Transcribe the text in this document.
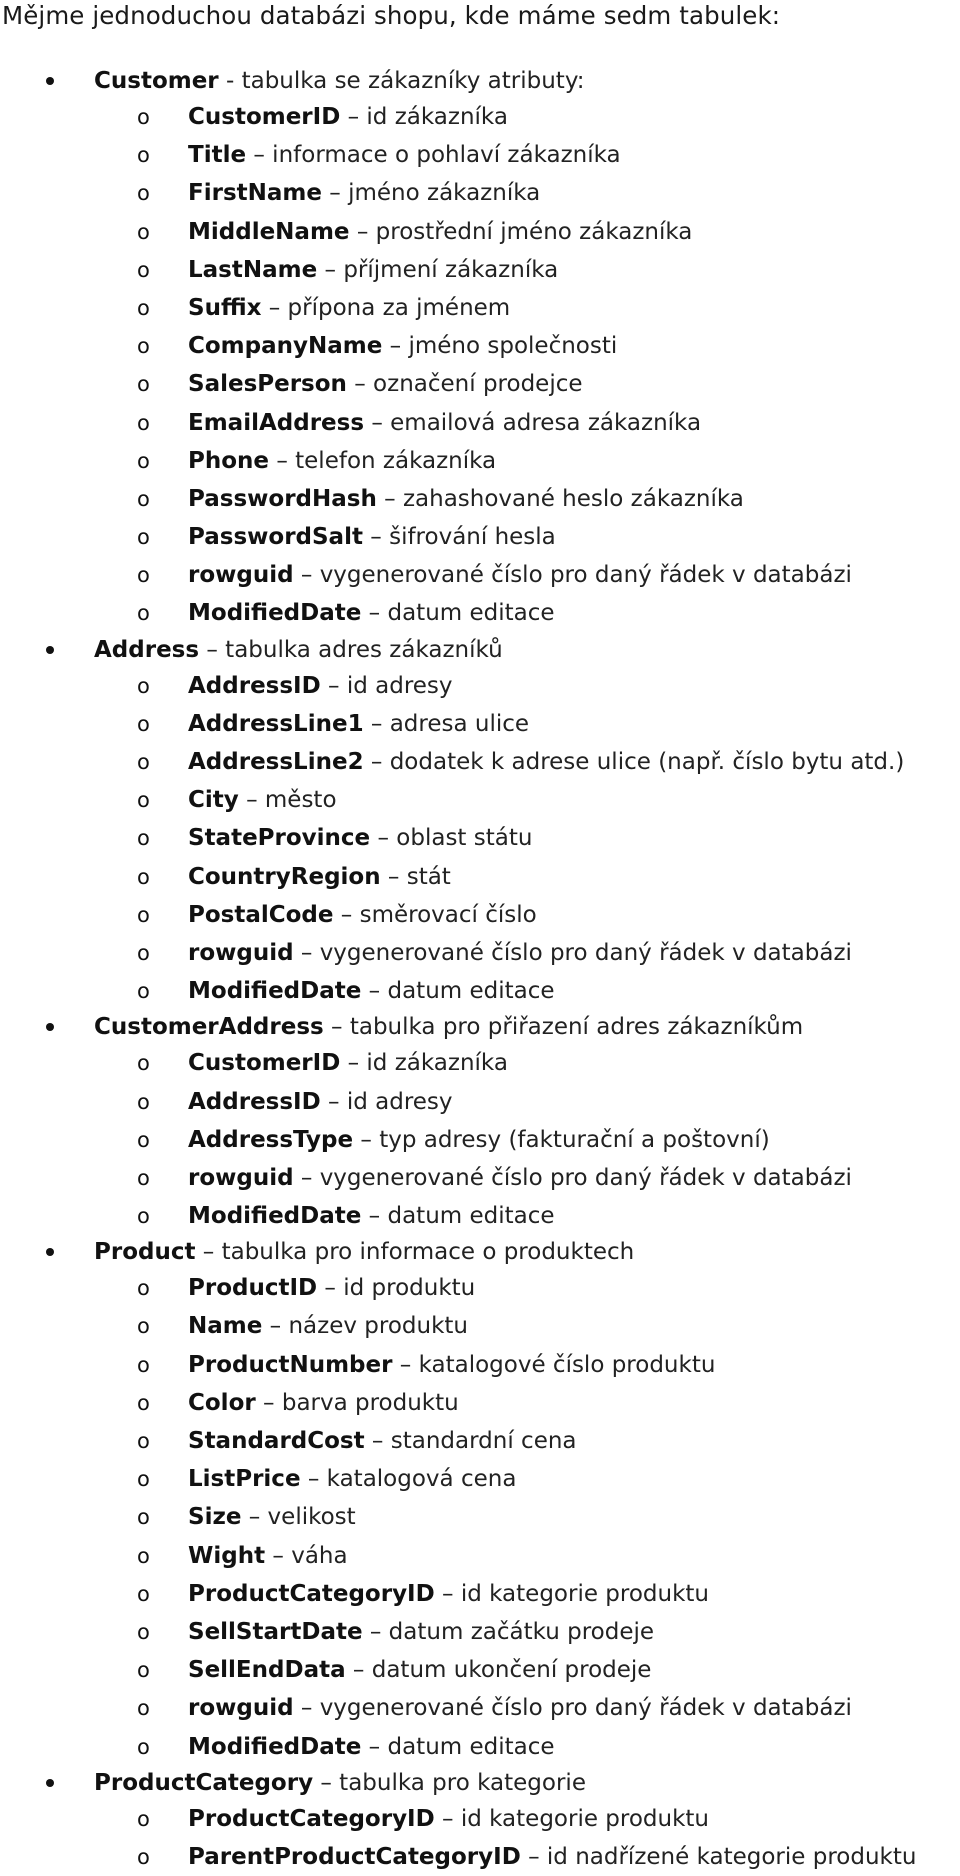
Mějme jednoduchou databázi shopu, kde máme sedm tabulek:
Customer - tabulka se zákazníky atributy:
o CustomerID – id zákazníka
o Title – informace o pohlaví zákazníka
o FirstName – jméno zákazníka
o MiddleName – prostřední jméno zákazníka
o LastName – příjmení zákazníka
o Suffix – přípona za jménem
o CompanyName – jméno společnosti
o SalesPerson – označení prodejce
o EmailAddress – emailová adresa zákazníka
o Phone – telefon zákazníka
o PasswordHash – zahashované heslo zákazníka
o PasswordSalt – šifrování hesla
o rowguid – vygenerované číslo pro daný řádek v databázi
o ModifiedDate – datum editace
Address – tabulka adres zákazníků
o AddressID – id adresy
o AddressLine1 – adresa ulice
o AddressLine2 – dodatek k adrese ulice (např. číslo bytu atd.)
o City – město
o StateProvince – oblast státu
o CountryRegion – stát
o PostalCode – směrovací číslo
o rowguid – vygenerované číslo pro daný řádek v databázi
o ModifiedDate – datum editace
CustomerAddress – tabulka pro přiřazení adres zákazníkům
o CustomerID – id zákazníka
o AddressID – id adresy
o AddressType – typ adresy (fakturační a poštovní)
o rowguid – vygenerované číslo pro daný řádek v databázi
o ModifiedDate – datum editace
Product – tabulka pro informace o produktech
o ProductID – id produktu
o Name – název produktu
o ProductNumber – katalogové číslo produktu
o Color – barva produktu
o StandardCost – standardní cena
o ListPrice – katalogová cena
o Size – velikost
o Wight – váha
o ProductCategoryID – id kategorie produktu
o SellStartDate – datum začátku prodeje
o SellEndData – datum ukončení prodeje
o rowguid – vygenerované číslo pro daný řádek v databázi
o ModifiedDate – datum editace
ProductCategory – tabulka pro kategorie
o ProductCategoryID – id kategorie produktu
o ParentProductCategoryID – id nadřízené kategorie produktu
